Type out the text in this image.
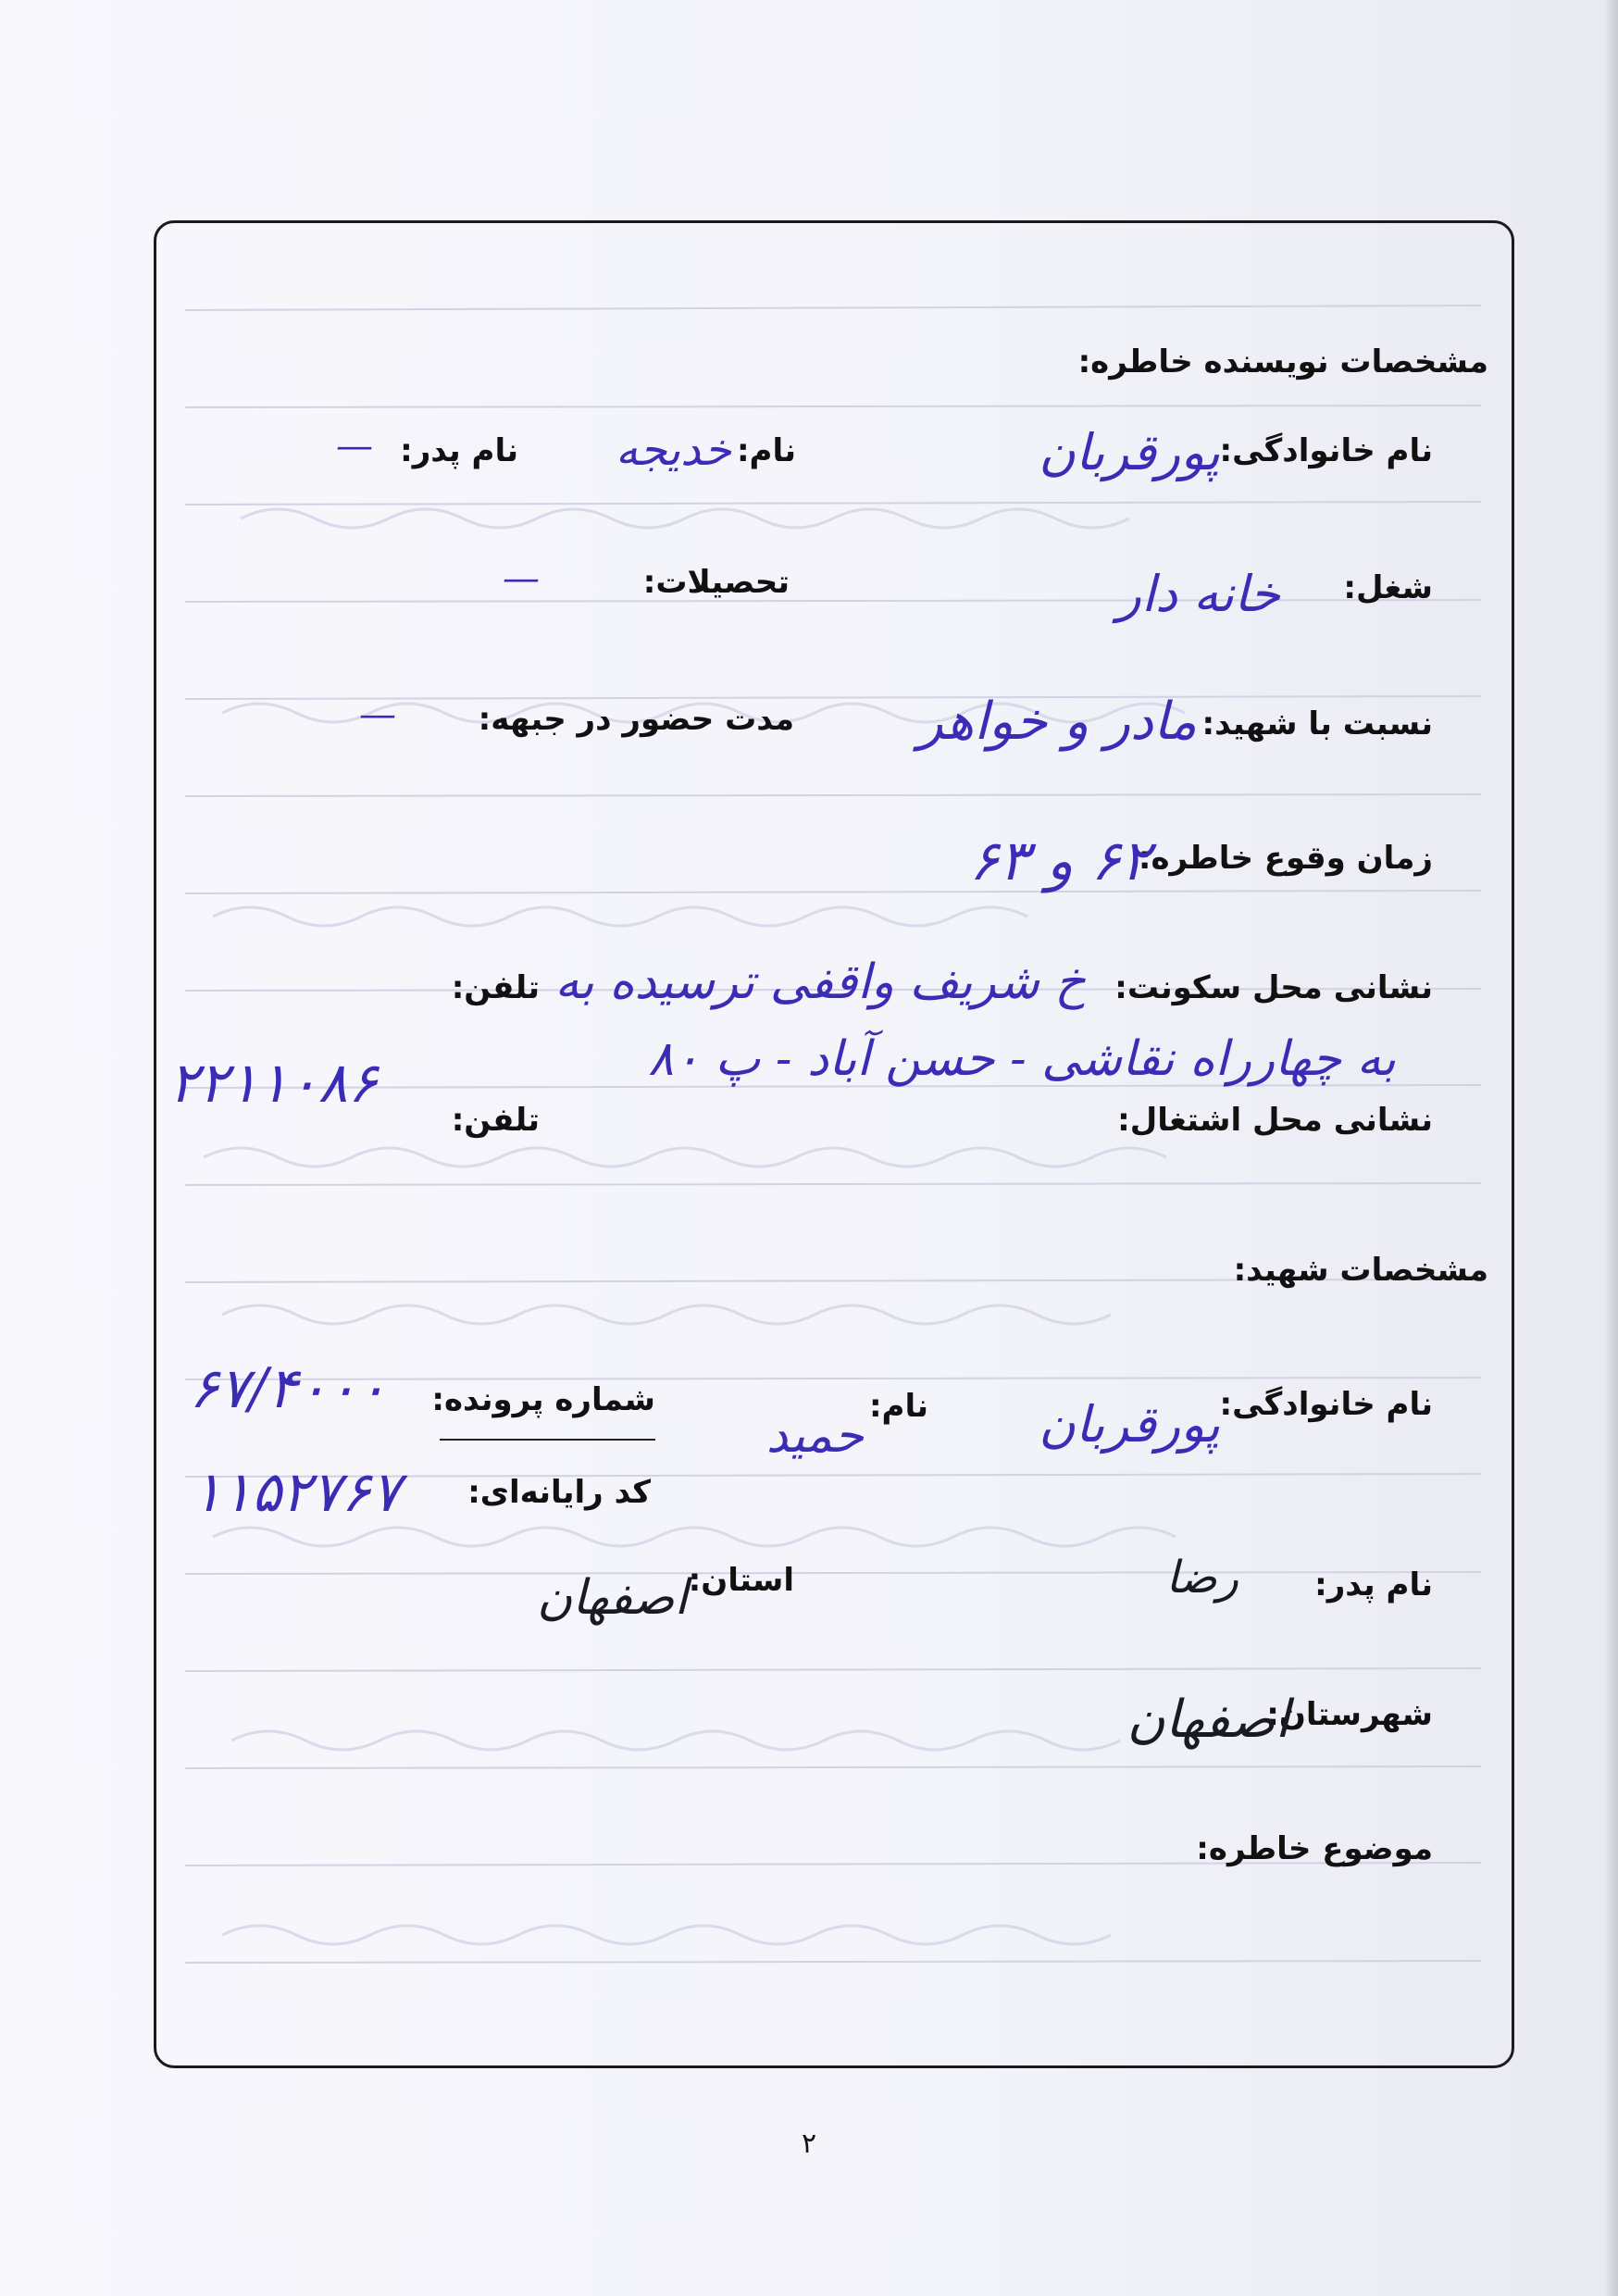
مشخصات نویسنده خاطره:
نام خانوادگی:
پورقربان
نام:
خدیجه
نام پدر:
—
شغل:
خانه دار
تحصیلات:
—
نسبت با شهید:
مادر و خواهر
مدت حضور در جبهه:
—
زمان وقوع خاطره:
۶۲ و ۶۳
نشانی محل سکونت:
خ شریف واقفی ترسیده به
تلفن:
به چهارراه نقاشی - حسن آباد - پ ۸۰
۲۲۱۱۰۸۶
نشانی محل اشتغال:
تلفن:
مشخصات شهید:
نام خانوادگی:
پورقربان
نام:
حمید
شماره پرونده:
۶۷/۴۰۰۰
کد رایانه‌ای:
۱۱۵۲۷۶۷
نام پدر:
رضا
استان:
اصفهان
شهرستان:
اصفهان
موضوع خاطره:
۲
